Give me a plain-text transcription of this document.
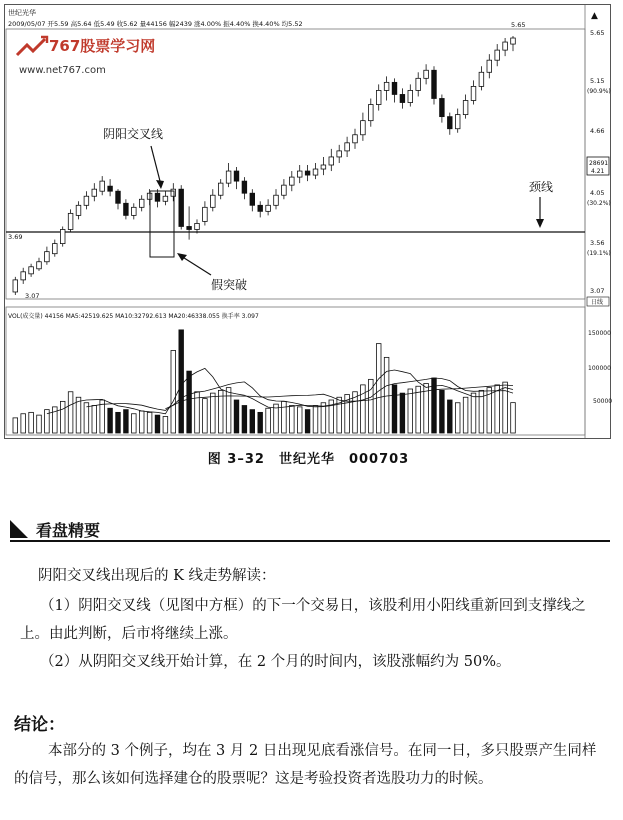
世纪光华
2009/05/07 开5.59 高5.64 低5.49 收5.62 量44156 幅2439 涨4.00% 振4.40% 换4.40% 均5.52
767股票学习网
www.net767.com
VOL(成交量) 44156 MA5:42519.625 MA10:32792.613 MA20:46338.055 换手率 3.097
3.69
阴阳交叉线
假突破
颈线
3.07
5.65
▲
5.65
5.15
(90.9%)
4.66
28691
4.21
4.05
(30.2%)
3.56
(19.1%)
3.07
日线
150000
100000
50000
图 3–32　世纪光华　000703
看盘精要
阴阳交叉线出现后的 K 线走势解读：
（1）阴阳交叉线（见图中方框）的下一个交易日，该股利用小阳线重新回到支撑线之上。由此判断，后市将继续上涨。
（2）从阴阳交叉线开始计算，在 2 个月的时间内，该股涨幅约为 50%。
结论：
本部分的 3 个例子，均在 3 月 2 日出现见底看涨信号。在同一日，多只股票产生同样的信号，那么该如何选择建仓的股票呢？这是考验投资者选股功力的时候。
